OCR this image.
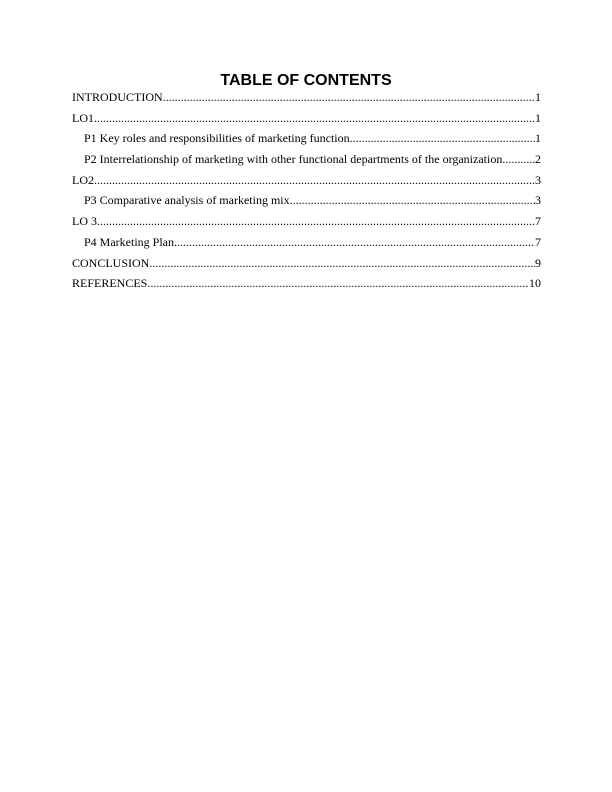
TABLE OF CONTENTS
INTRODUCTION .....	1
LO1 .....	1
P1 Key roles and responsibilities of marketing function .....	1
P2 Interrelationship of marketing with other functional departments of the organization .....	2
LO2 .....	3
P3 Comparative analysis of marketing mix .....	3
LO 3 .....	7
P4 Marketing Plan .....	7
CONCLUSION .....	9
REFERENCES .....	10
